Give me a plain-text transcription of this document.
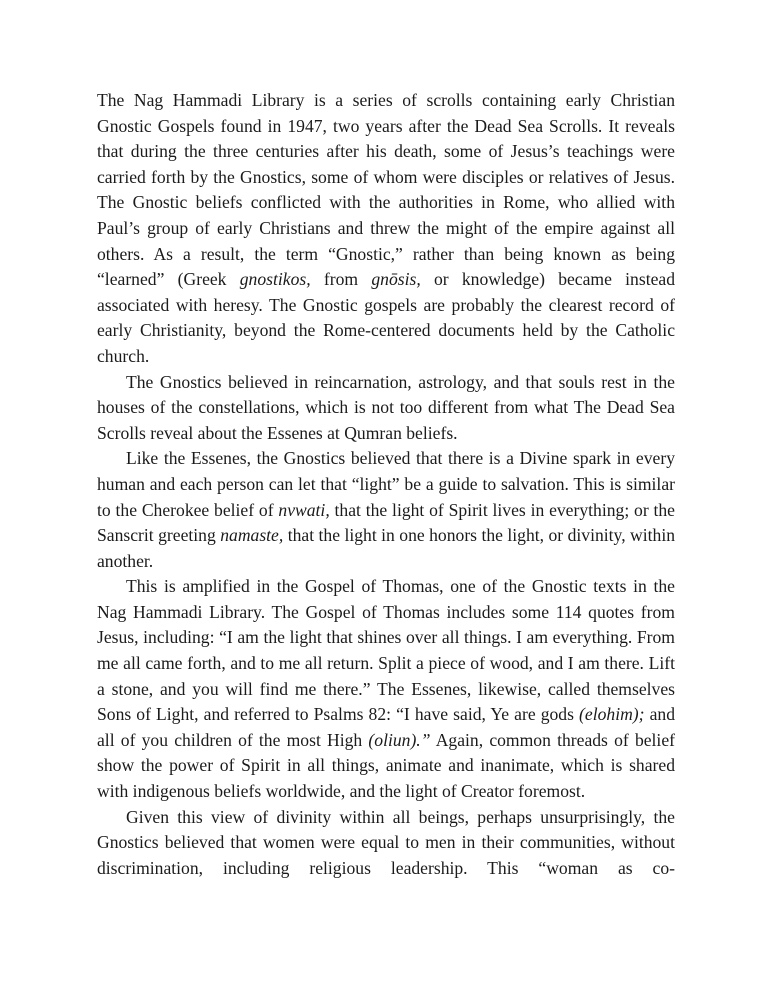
The Nag Hammadi Library is a series of scrolls containing early Christian Gnostic Gospels found in 1947, two years after the Dead Sea Scrolls. It reveals that during the three centuries after his death, some of Jesus’s teachings were carried forth by the Gnostics, some of whom were disciples or relatives of Jesus. The Gnostic beliefs conflicted with the authorities in Rome, who allied with Paul’s group of early Christians and threw the might of the empire against all others. As a result, the term “Gnostic,” rather than being known as being “learned” (Greek gnostikos, from gnōsis, or knowledge) became instead associated with heresy. The Gnostic gospels are probably the clearest record of early Christianity, beyond the Rome-centered documents held by the Catholic church.

The Gnostics believed in reincarnation, astrology, and that souls rest in the houses of the constellations, which is not too different from what The Dead Sea Scrolls reveal about the Essenes at Qumran beliefs.

Like the Essenes, the Gnostics believed that there is a Divine spark in every human and each person can let that “light” be a guide to salvation. This is similar to the Cherokee belief of nvwati, that the light of Spirit lives in everything; or the Sanscrit greeting namaste, that the light in one honors the light, or divinity, within another.

This is amplified in the Gospel of Thomas, one of the Gnostic texts in the Nag Hammadi Library. The Gospel of Thomas includes some 114 quotes from Jesus, including: “I am the light that shines over all things. I am everything. From me all came forth, and to me all return. Split a piece of wood, and I am there. Lift a stone, and you will find me there.” The Essenes, likewise, called themselves Sons of Light, and referred to Psalms 82: “I have said, Ye are gods (elohim); and all of you children of the most High (oliun).” Again, common threads of belief show the power of Spirit in all things, animate and inanimate, which is shared with indigenous beliefs worldwide, and the light of Creator foremost.

Given this view of divinity within all beings, perhaps unsurprisingly, the Gnostics believed that women were equal to men in their communities, without discrimination, including religious leadership. This “woman as co-
